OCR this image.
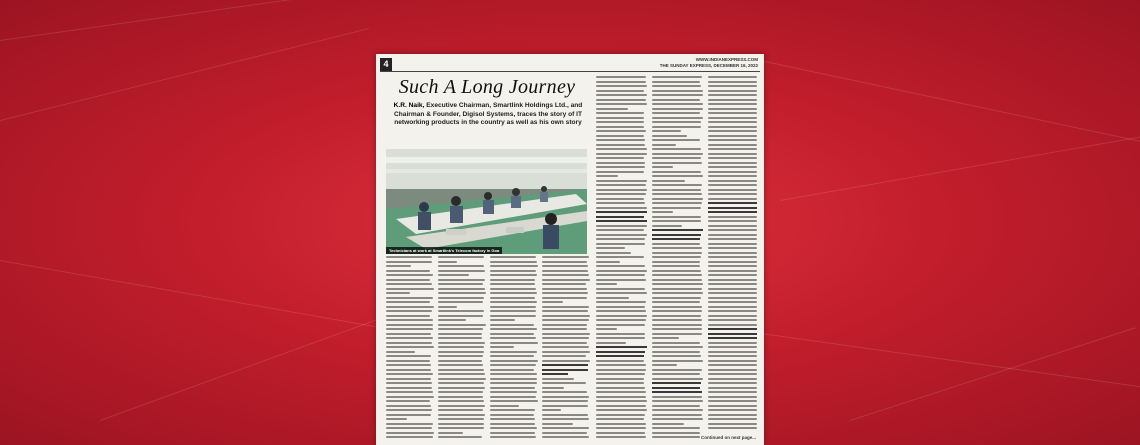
4	WWW.INDIANEXPRESS.COM
THE SUNDAY EXPRESS, DECEMBER 16, 2022
Such A Long Journey
K.R. Naik, Executive Chairman, Smartlink Holdings Ltd., and Chairman & Founder, Digisol Systems, traces the story of IT networking products in the country as well as his own story
Technicians at work at Smartlink's Telecom factory in Goa
Continued on next page...
